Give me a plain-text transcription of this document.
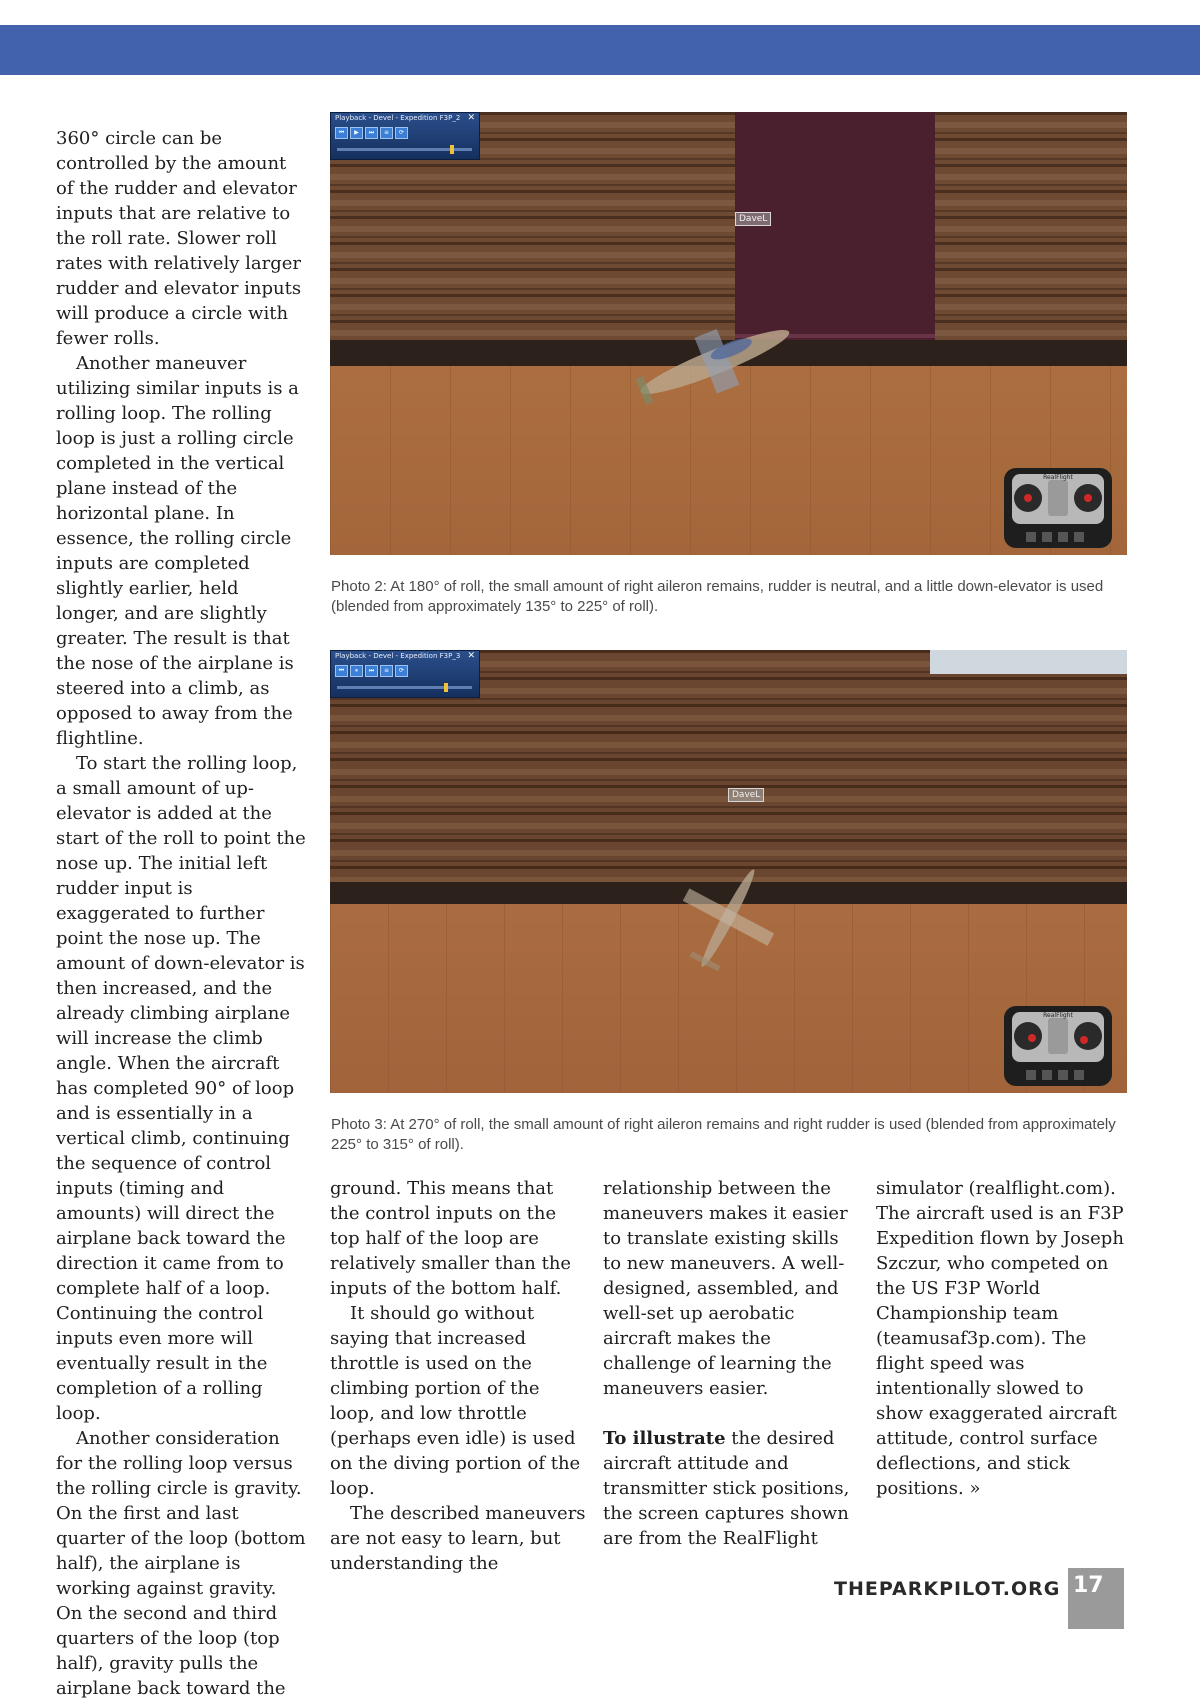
360° circle can be controlled by the amount of the rudder and elevator inputs that are relative to the roll rate. Slower roll rates with relatively larger rudder and elevator inputs will produce a circle with fewer rolls.

Another maneuver utilizing similar inputs is a rolling loop. The rolling loop is just a rolling circle completed in the vertical plane instead of the horizontal plane. In essence, the rolling circle inputs are completed slightly earlier, held longer, and are slightly greater. The result is that the nose of the airplane is steered into a climb, as opposed to away from the flightline.

To start the rolling loop, a small amount of up-elevator is added at the start of the roll to point the nose up. The initial left rudder input is exaggerated to further point the nose up. The amount of down-elevator is then increased, and the already climbing airplane will increase the climb angle. When the aircraft has completed 90° of loop and is essentially in a vertical climb, continuing the sequence of control inputs (timing and amounts) will direct the airplane back toward the direction it came from to complete half of a loop. Continuing the control inputs even more will eventually result in the completion of a rolling loop.

Another consideration for the rolling loop versus the rolling circle is gravity. On the first and last quarter of the loop (bottom half), the airplane is working against gravity. On the second and third quarters of the loop (top half), gravity pulls the airplane back toward the

Playback - Devel - Expedition F3P_2 ✕
⏮	▶	⏭	≡	⟳
DaveL
RealFlight
Photo 2: At 180° of roll, the small amount of right aileron remains, rudder is neutral, and a little down-elevator is used (blended from approximately 135° to 225° of roll).
Playback - Devel - Expedition F3P_3 ✕
⏮	⏸	⏭	≡	⟳
DaveL
RealFlight
Photo 3: At 270° of roll, the small amount of right aileron remains and right rudder is used (blended from approximately 225° to 315° of roll).

ground. This means that the control inputs on the top half of the loop are relatively smaller than the inputs of the bottom half.

It should go without saying that increased throttle is used on the climbing portion of the loop, and low throttle (perhaps even idle) is used on the diving portion of the loop.

The described maneuvers are not easy to learn, but understanding the

relationship between the maneuvers makes it easier to translate existing skills to new maneuvers. A well-designed, assembled, and well-set up aerobatic aircraft makes the challenge of learning the maneuvers easier.

To illustrate the desired aircraft attitude and transmitter stick positions, the screen captures shown are from the RealFlight

simulator (realflight.com). The aircraft used is an F3P Expedition flown by Joseph Szczur, who competed on the US F3P World Championship team (teamusaf3p.com). The flight speed was intentionally slowed to show exaggerated aircraft attitude, control surface deflections, and stick positions. »

THEPARKPILOT.ORG 17
